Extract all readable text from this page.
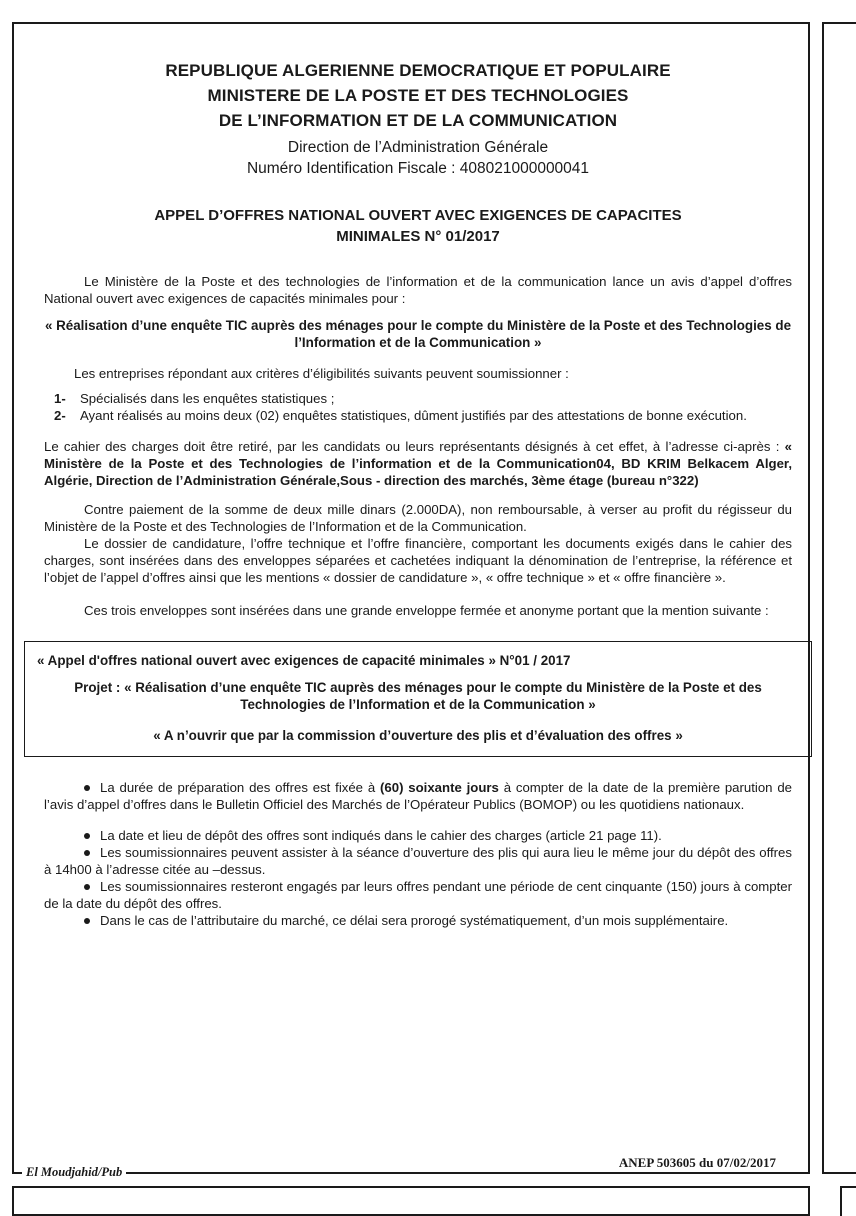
REPUBLIQUE ALGERIENNE DEMOCRATIQUE ET POPULAIRE
MINISTERE DE LA POSTE ET DES TECHNOLOGIES
DE L’INFORMATION ET DE LA COMMUNICATION
Direction de l’Administration Générale
Numéro Identification Fiscale : 408021000000041
APPEL D’OFFRES NATIONAL OUVERT AVEC EXIGENCES DE CAPACITES
MINIMALES N° 01/2017

Le Ministère de la Poste et des technologies de l’information et de la communication lance un avis d’appel d’offres National ouvert avec exigences de capacités minimales pour :

« Réalisation d’une enquête TIC auprès des ménages pour le compte du Ministère de la Poste et des Technologies de l’Information et de la Communication »

Les entreprises répondant aux critères d’éligibilités suivants peuvent soumissionner :

1-	Spécialisés dans les enquêtes statistiques ;
2-	Ayant réalisés au moins deux (02) enquêtes statistiques, dûment justifiés par des attestations de bonne exécution.

Le cahier des charges doit être retiré, par les candidats ou leurs représentants désignés à cet effet, à l’adresse ci-après : « Ministère de la Poste et des Technologies de l’information et de la Communication04, BD KRIM Belkacem Alger, Algérie, Direction de l’Administration Générale,Sous - direction des marchés, 3ème étage (bureau n°322)

Contre paiement de la somme de deux mille dinars (2.000DA), non remboursable, à verser au profit du régisseur du Ministère de la Poste et des Technologies de l’Information et de la Communication.

Le dossier de candidature, l’offre technique et l’offre financière, comportant les documents exigés dans le cahier des charges, sont insérées dans des enveloppes séparées et cachetées indiquant la dénomination de l’entreprise, la référence et l’objet de l’appel d’offres ainsi que les mentions « dossier de candidature », « offre technique » et « offre financière ».

Ces trois enveloppes sont insérées dans une grande enveloppe fermée et anonyme portant que la mention suivante :

« Appel d'offres national ouvert avec exigences de capacité minimales » N°01 / 2017

Projet : « Réalisation d’une enquête TIC auprès des ménages pour le compte du Ministère de la Poste et des Technologies de l’Information et de la Communication »

« A n’ouvrir que par la commission d’ouverture des plis et d’évaluation des offres »

La durée de préparation des offres est fixée à (60) soixante jours à compter de la date de la première parution de l’avis d’appel d’offres dans le Bulletin Officiel des Marchés de l’Opérateur Publics (BOMOP) ou les quotidiens nationaux.

La date et lieu de dépôt des offres sont indiqués dans le cahier des charges (article 21 page 11).

Les soumissionnaires peuvent assister à la séance d’ouverture des plis qui aura lieu le même jour du dépôt des offres à 14h00 à l’adresse citée au –dessus.

Les soumissionnaires resteront engagés par leurs offres pendant une période de cent cinquante (150) jours à compter de la date du dépôt des offres.

Dans le cas de l’attributaire du marché, ce délai sera prorogé systématiquement, d’un mois supplémentaire.

El Moudjahid/Pub
ANEP 503605 du 07/02/2017
